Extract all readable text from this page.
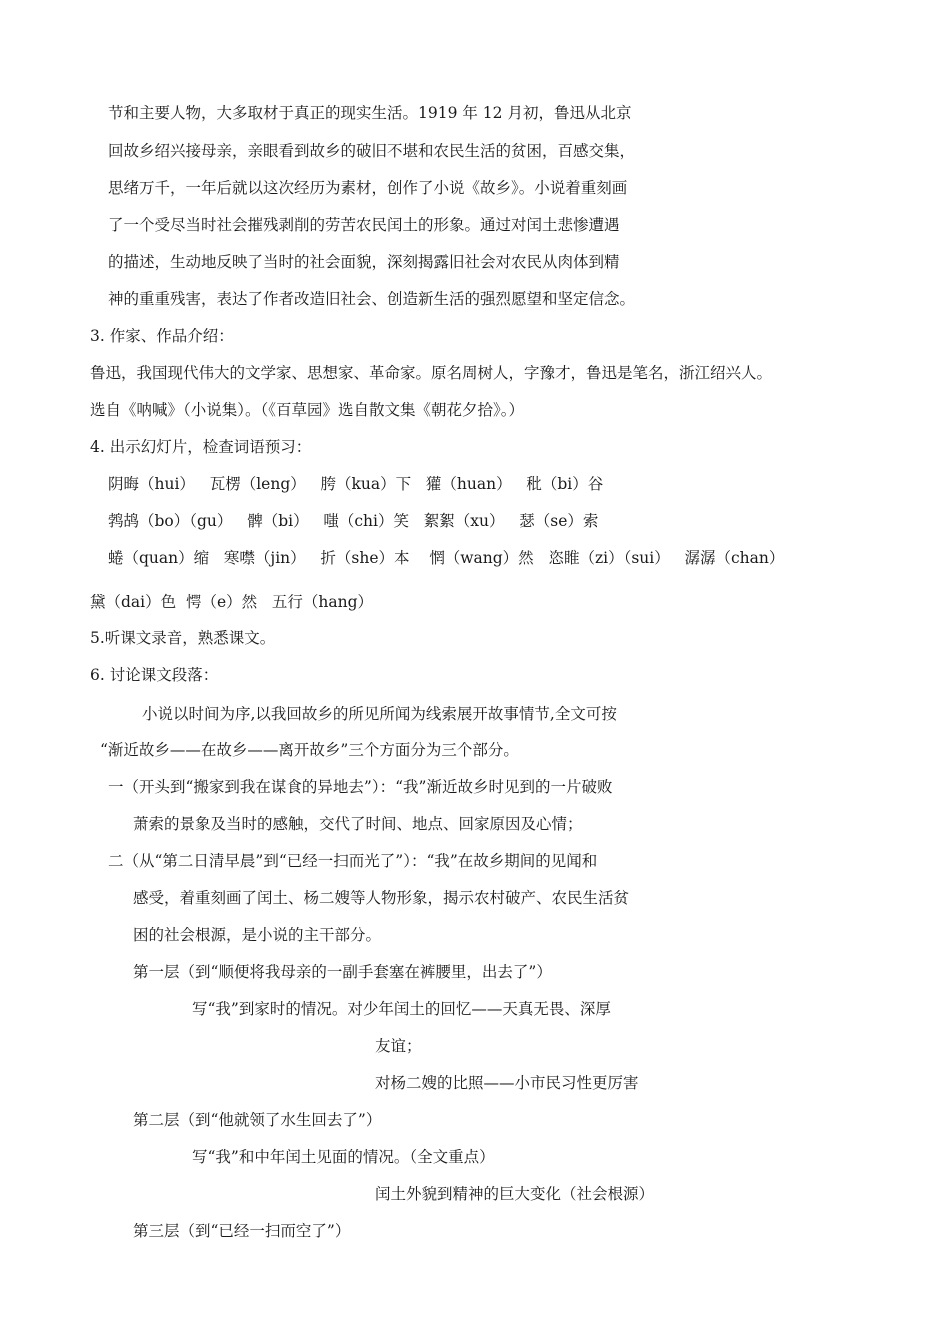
节和主要人物，大多取材于真正的现实生活。1919 年 12 月初，鲁迅从北京
回故乡绍兴接母亲，亲眼看到故乡的破旧不堪和农民生活的贫困，百感交集，
思绪万千，一年后就以这次经历为素材，创作了小说《故乡》。小说着重刻画
了一个受尽当时社会摧残剥削的劳苦农民闰土的形象。通过对闰土悲惨遭遇
的描述，生动地反映了当时的社会面貌，深刻揭露旧社会对农民从肉体到精
神的重重残害，表达了作者改造旧社会、创造新生活的强烈愿望和坚定信念。
3. 作家、作品介绍：
鲁迅，我国现代伟大的文学家、思想家、革命家。原名周树人，字豫才，鲁迅是笔名，浙江绍兴人。
选自《呐喊》（小说集）。（《百草园》选自散文集《朝花夕拾》。）
4. 出示幻灯片，检查词语预习：
阴晦（hui）   瓦楞（leng）   胯（kua）下   獾（huan）   秕（bi）谷
鹁鸪（bo）（gu）   髀（bi）   嗤（chi）笑   絮絮（xu）   瑟（se）索
蜷（quan）缩   寒噤（jin）   折（she）本    惘（wang）然   恣睢（zi）（sui）   潺潺（chan）
黛（dai）色  愕（e）然   五行（hang）
5.听课文录音，熟悉课文。
6. 讨论课文段落：
小说以时间为序,以我回故乡的所见所闻为线索展开故事情节,全文可按
“渐近故乡——在故乡——离开故乡”三个方面分为三个部分。
一（开头到“搬家到我在谋食的异地去”）：“我”渐近故乡时见到的一片破败
萧索的景象及当时的感触，交代了时间、地点、回家原因及心情；
二（从“第二日清早晨”到“已经一扫而光了”）：“我”在故乡期间的见闻和
感受，着重刻画了闰土、杨二嫂等人物形象，揭示农村破产、农民生活贫
困的社会根源，是小说的主干部分。
第一层（到“顺便将我母亲的一副手套塞在裤腰里，出去了”）
写“我”到家时的情况。对少年闰土的回忆——天真无畏、深厚
友谊；
对杨二嫂的比照——小市民习性更厉害
第二层（到“他就领了水生回去了”）
写“我”和中年闰土见面的情况。（全文重点）
闰土外貌到精神的巨大变化（社会根源）
第三层（到“已经一扫而空了”）
